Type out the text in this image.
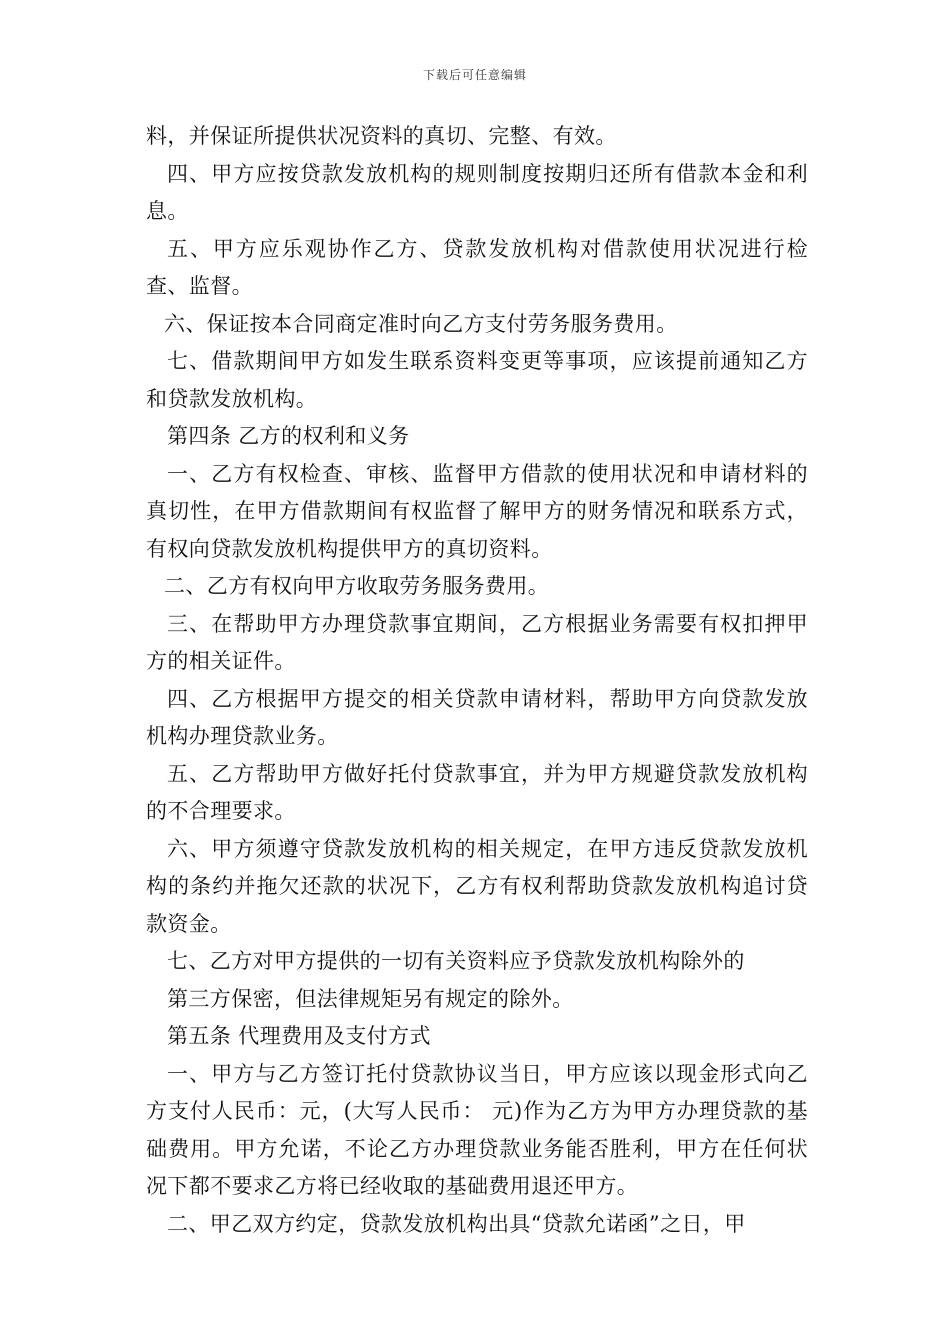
下载后可任意编辑

料，并保证所提供状况资料的真切、完整、有效。

四、甲方应按贷款发放机构的规则制度按期归还所有借款本金和利息。

五、甲方应乐观协作乙方、贷款发放机构对借款使用状况进行检查、监督。

六、保证按本合同商定准时向乙方支付劳务服务费用。

七、借款期间甲方如发生联系资料变更等事项，应该提前通知乙方和贷款发放机构。

第四条 乙方的权利和义务

一、乙方有权检查、审核、监督甲方借款的使用状况和申请材料的真切性，在甲方借款期间有权监督了解甲方的财务情况和联系方式，有权向贷款发放机构提供甲方的真切资料。

二、乙方有权向甲方收取劳务服务费用。

三、在帮助甲方办理贷款事宜期间，乙方根据业务需要有权扣押甲方的相关证件。

四、乙方根据甲方提交的相关贷款申请材料，帮助甲方向贷款发放机构办理贷款业务。

五、乙方帮助甲方做好托付贷款事宜，并为甲方规避贷款发放机构的不合理要求。

六、甲方须遵守贷款发放机构的相关规定，在甲方违反贷款发放机构的条约并拖欠还款的状况下，乙方有权利帮助贷款发放机构追讨贷款资金。

七、乙方对甲方提供的一切有关资料应予贷款发放机构除外的

第三方保密，但法律规矩另有规定的除外。

第五条 代理费用及支付方式

一、甲方与乙方签订托付贷款协议当日，甲方应该以现金形式向乙方支付人民币：元，(大写人民币： 元)作为乙方为甲方办理贷款的基础费用。甲方允诺，不论乙方办理贷款业务能否胜利，甲方在任何状况下都不要求乙方将已经收取的基础费用退还甲方。

二、甲乙双方约定，贷款发放机构出具“贷款允诺函”之日，甲
